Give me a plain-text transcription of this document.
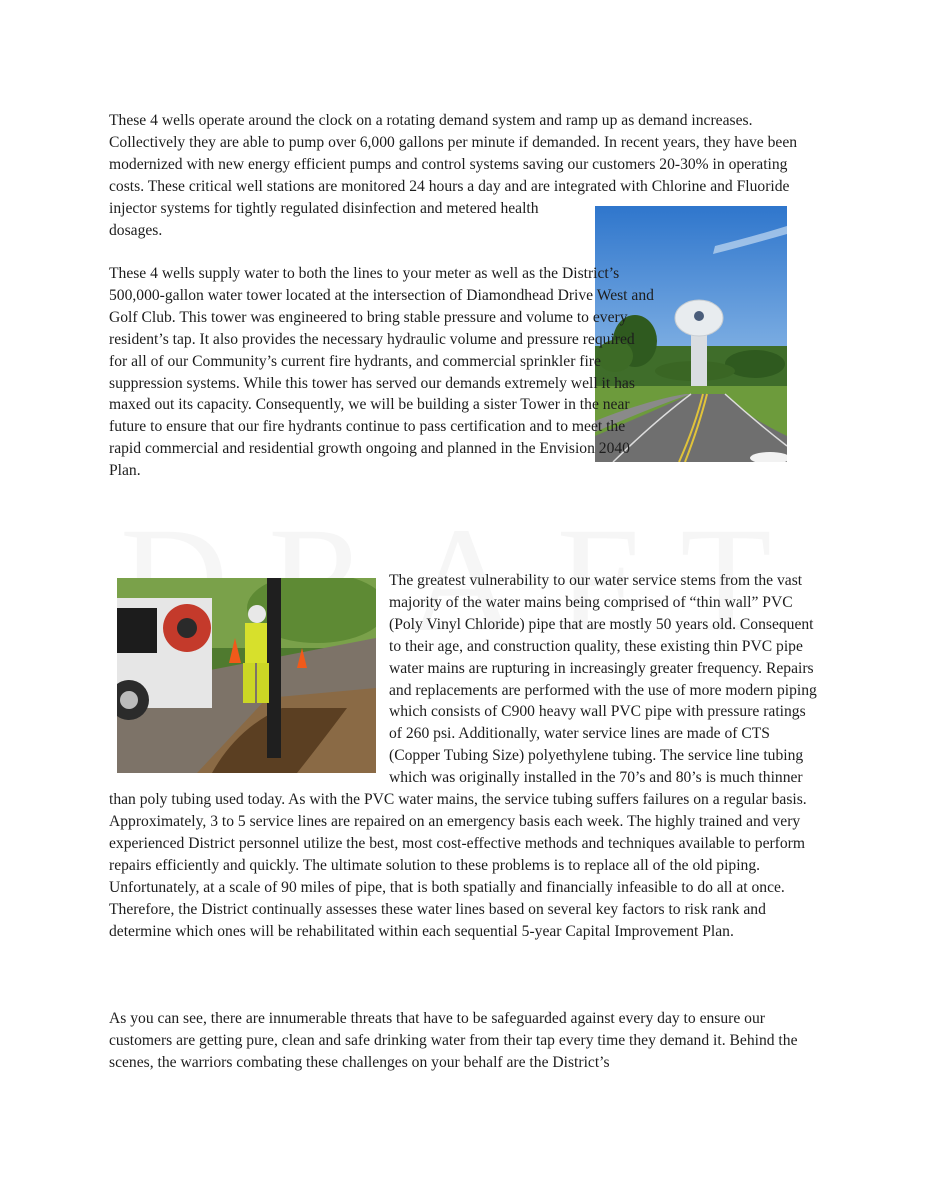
These 4 wells operate around the clock on a rotating demand system and ramp up as demand increases. Collectively they are able to pump over 6,000 gallons per minute if demanded. In recent years, they have been modernized with new energy efficient pumps and control systems saving our customers 20-30% in operating costs. These critical well stations are monitored 24 hours a day and are integrated with Chlorine and Fluoride injector systems for tightly regulated disinfection and metered health dosages.

These 4 wells supply water to both the lines to your meter as well as the District’s 500,000-gallon water tower located at the intersection of Diamondhead Drive West and Golf Club. This tower was engineered to bring stable pressure and volume to every resident’s tap. It also provides the necessary hydraulic volume and pressure required for all of our Community’s current fire hydrants, and commercial sprinkler fire suppression systems. While this tower has served our demands extremely well it has maxed out its capacity. Consequently, we will be building a sister Tower in the near future to ensure that our fire hydrants continue to pass certification and to meet the rapid commercial and residential growth ongoing and planned in the Envision 2040 Plan.

The greatest vulnerability to our water service stems from the vast majority of the water mains being comprised of “thin wall” PVC (Poly Vinyl Chloride) pipe that are mostly 50 years old. Consequent to their age, and construction quality, these existing thin PVC pipe water mains are rupturing in increasingly greater frequency. Repairs and replacements are performed with the use of more modern piping which consists of C900 heavy wall PVC pipe with pressure ratings of 260 psi. Additionally, water service lines are made of CTS (Copper Tubing Size) polyethylene tubing. The service line tubing which was originally installed in the 70’s and 80’s is much thinner than poly tubing used today. As with the PVC water mains, the service tubing suffers failures on a regular basis. Approximately, 3 to 5 service lines are repaired on an emergency basis each week. The highly trained and very experienced District personnel utilize the best, most cost-effective methods and techniques available to perform repairs efficiently and quickly. The ultimate solution to these problems is to replace all of the old piping. Unfortunately, at a scale of 90 miles of pipe, that is both spatially and financially infeasible to do all at once. Therefore, the District continually assesses these water lines based on several key factors to risk rank and determine which ones will be rehabilitated within each sequential 5-year Capital Improvement Plan.

As you can see, there are innumerable threats that have to be safeguarded against every day to ensure our customers are getting pure, clean and safe drinking water from their tap every time they demand it. Behind the scenes, the warriors combating these challenges on your behalf are the District’s
